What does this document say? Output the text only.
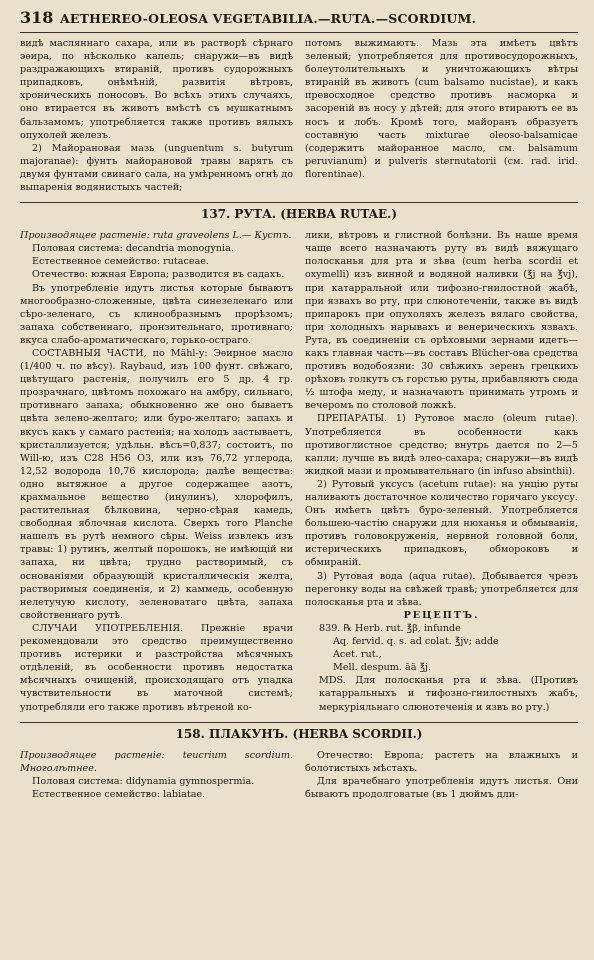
318 AETHEREO-OLEOSA VEGETABILIA.—RUTA.—SCORDIUM.

видѣ масляннаго сахара, или въ растворѣ сѣрнаго эѳира, по нѣсколько капель; снаружи—въ видѣ раздражающихъ втираній, противъ судорожныхъ припадковъ, онѣмѣній, развитія вѣтровъ, хроническихъ поносовъ. Во всѣхъ этихъ случаяхъ, оно втирается въ животъ вмѣстѣ съ мушкатнымъ бальзамомъ; употребляется также противъ вялыхъ опухолей железъ.

2) Майорановая мазь (unguentum s. butyrum majoranae): фунтъ майорановой травы варятъ съ двумя фунтами свинаго сала, на умѣренномъ огнѣ до выпаренія водянистыхъ частей;

потомъ выжимаютъ. Мазь эта имѣетъ цвѣтъ зеленый; употребляется для противосудорожныхъ, болеутолительныхъ и уничтожающихъ вѣтры втираній въ животъ (cum balsamo nucistae), и какъ превосходное средство противъ насморка и засореній въ носу у дѣтей; для этого втираютъ ее въ носъ и лобъ. Кромѣ того, майоранъ образуетъ составную часть mixturae oleoso-balsamicae (содержитъ майоранное масло, см. balsamum peruvianum) и pulveris sternutatorii (см. rad. irid. florentinae).

137. РУТА. (HERBA RUTAE.)

Производящее растеніе: ruta graveolens L.— Кустъ.

Половая система: decandria monogynia.

Естественное семейство: rutaceae.

Отечество: южная Европа; разводится въ садахъ.

Въ употребленіе идутъ листья которые бываютъ многообразно-сложенные, цвѣта синезеленаго или сѣро-зеленаго, съ клинообразнымъ прорѣзомъ; запаха собственнаго, пронзительнаго, противнаго; вкуса слабо-ароматическаго, горько-остраго.

СОСТАВНЫЯ ЧАСТИ, по Mähl-у: Эѳирное масло (1/400 ч. по вѣсу). Raybaud, изъ 100 фунт. свѣжаго, цвѣтущаго растенія, получилъ его 5 др. 4 гр. прозрачнаго, цвѣтомъ похожаго на амбру, сильнаго, противнаго запаха; обыкновенно же оно бываетъ цвѣта зелено-желтаго; или буро-желтаго; запахъ и вкусъ какъ у самаго растенія; на холодъ застываетъ, кристаллизуется; удѣльн. вѣсъ=0,837; состоитъ, по Will-ю, изъ C28 H56 O3, или изъ 76,72 углерода, 12,52 водорода 10,76 кислорода; далѣе вещества: одно вытяжное а другое содержащее азотъ, крахмальное вещество (инулинъ), хлорофилъ, растительная бѣлковина, черно-сѣрая камедь, свободная яблочная кислота. Сверхъ того Planche нашелъ въ рутѣ немного сѣры. Weiss извлекъ изъ травы: 1) рутинъ, желтый порошокъ, не имѣющій ни запаха, ни цвѣта; трудно растворимый, съ основаніями образующій кристаллическія желта, растворимыя соединенія, и 2) каммедь, особенную нелетучую кислоту, зеленоватаго цвѣта, запаха свойственнаго рутѣ.

СЛУЧАИ УПОТРЕБЛЕНІЯ. Прежніе врачи рекомендовали это средство преимущественно противъ истерики и разстройства мѣсячныхъ отдѣленій, въ особенности противъ недостатка мѣсячныхъ очищеній, происходящаго отъ упадка чувствительности въ маточной системѣ; употребляли его также противъ вѣтреной ко-

лики, вѣтровъ и глистной болѣзни. Въ наше время чаще всего назначаютъ руту въ видѣ вяжущаго полосканья для рта и зѣва (cum herba scordii et oxymelli) изъ винной и водяной наливки (℥j на ℥vj), при катарральной или тифозно-гнилостной жабѣ, при язвахъ во рту, при слюнотеченіи, также въ видѣ припарокъ при опухоляхъ железъ вялаго свойства, при холодныхъ нарывахъ и венерическихъ язвахъ. Рута, въ соединеніи съ орѣховыми зернами идетъ—какъ главная часть—въ составъ Blücher-ова средства противъ водобоязни: 30 свѣжихъ зеренъ грецкихъ орѣховъ толкутъ съ горстью руты, прибавляютъ сюда ½ штофа меду, и назначаютъ принимать утромъ и вечеромъ по столовой ложкѣ.

ПРЕПАРАТЫ. 1) Рутовое масло (oleum rutae). Употребляется въ особенности какъ противоглистное средство; внутрь дается по 2—5 капли; лучше въ видѣ элео-сахара; снаружи—въ видѣ жидкой мази и промывательнаго (in infuso absinthii).

2) Рутовый уксусъ (acetum rutae): на унцію руты наливаютъ достаточное количество горячаго уксусу. Онъ имѣетъ цвѣтъ буро-зеленый. Употребляется большею-частію снаружи для нюханья и обмыванія, противъ головокруженія, нервной головной боли, истерическихъ припадковъ, обмороковъ и обмираній.

3) Рутовая вода (aqua rutae). Добывается чрезъ перегонку воды на свѣжей травѣ; употребляется для полосканья рта и зѣва.

РЕЦЕПТЪ.

839. ℞ Herb. rut. ℥β, infunde

Aq. fervid. q. s. ad colat. ℥jv; adde

Acet. rut.,

Mell. despum. āā ℥j.

MDS. Для полосканья рта и зѣва. (Противъ катарральныхъ и тифозно-гнилостныхъ жабъ, меркуріяльнаго слюнотеченія и язвъ во рту.)

158. ПЛАКУНЪ. (HERBA SCORDII.)

Производящее растеніе: teucrium scordium. Многолѣтнее.

Половая система: didynamia gymnospermia.

Естественное семейство: labiatae.

Отечество: Европа; растетъ на влажныхъ и болотистыхъ мѣстахъ.

Для врачебнаго употребленія идутъ листья. Они бываютъ продолговатые (въ 1 дюймъ дли-
